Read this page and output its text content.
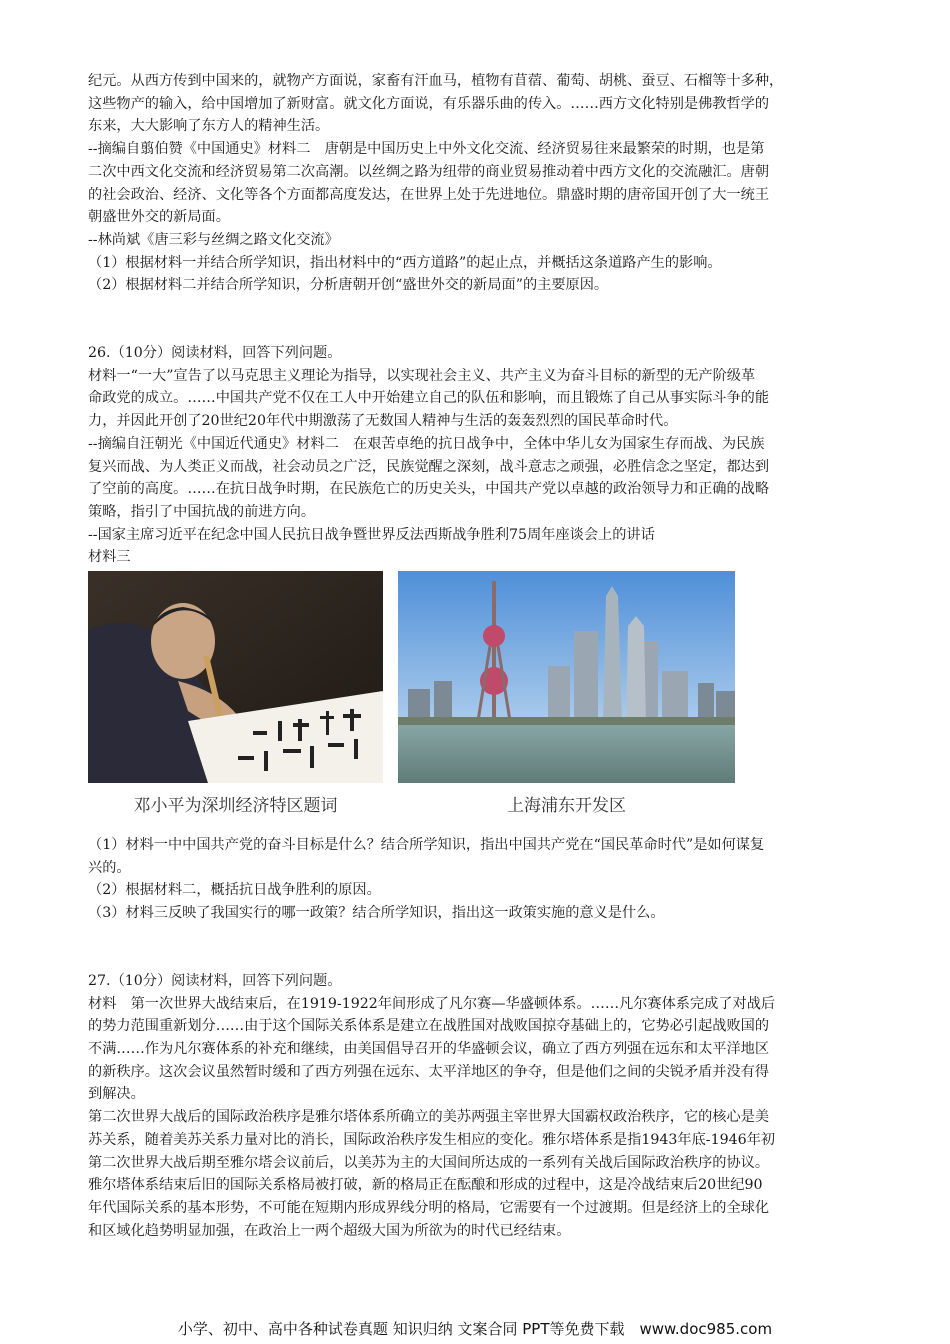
纪元。从西方传到中国来的，就物产方面说，家畜有汗血马，植物有苜蓿、葡萄、胡桃、蚕豆、石榴等十多种，

这些物产的输入，给中国增加了新财富。就文化方面说，有乐器乐曲的传入。……西方文化特别是佛教哲学的

东来，大大影响了东方人的精神生活。

--摘编自翦伯赞《中国通史》材料二　唐朝是中国历史上中外文化交流、经济贸易往来最繁荣的时期，也是第

二次中西文化交流和经济贸易第二次高潮。以丝绸之路为纽带的商业贸易推动着中西方文化的交流融汇。唐朝

的社会政治、经济、文化等各个方面都高度发达，在世界上处于先进地位。鼎盛时期的唐帝国开创了大一统王

朝盛世外交的新局面。

--林尚斌《唐三彩与丝绸之路文化交流》

（1）根据材料一并结合所学知识，指出材料中的“西方道路”的起止点，并概括这条道路产生的影响。

（2）根据材料二并结合所学知识，分析唐朝开创“盛世外交的新局面”的主要原因。

26.（10分）阅读材料，回答下列问题。

材料一“一大”宣告了以马克思主义理论为指导，以实现社会主义、共产主义为奋斗目标的新型的无产阶级革

命政党的成立。……中国共产党不仅在工人中开始建立自己的队伍和影响，而且锻炼了自己从事实际斗争的能

力，并因此开创了20世纪20年代中期激荡了无数国人精神与生活的轰轰烈烈的国民革命时代。

--摘编自汪朝光《中国近代通史》材料二　在艰苦卓绝的抗日战争中，全体中华儿女为国家生存而战、为民族

复兴而战、为人类正义而战，社会动员之广泛，民族觉醒之深刻，战斗意志之顽强，必胜信念之坚定，都达到

了空前的高度。……在抗日战争时期，在民族危亡的历史关头，中国共产党以卓越的政治领导力和正确的战略

策略，指引了中国抗战的前进方向。

--国家主席习近平在纪念中国人民抗日战争暨世界反法西斯战争胜利75周年座谈会上的讲话

材料三

邓小平为深圳经济特区题词	上海浦东开发区

（1）材料一中中国共产党的奋斗目标是什么？结合所学知识，指出中国共产党在“国民革命时代”是如何谋复

兴的。

（2）根据材料二，概括抗日战争胜利的原因。

（3）材料三反映了我国实行的哪一政策？结合所学知识，指出这一政策实施的意义是什么。

27.（10分）阅读材料，回答下列问题。

材料　第一次世界大战结束后，在1919-1922年间形成了凡尔赛—华盛顿体系。……凡尔赛体系完成了对战后

的势力范围重新划分……由于这个国际关系体系是建立在战胜国对战败国掠夺基础上的，它势必引起战败国的

不满……作为凡尔赛体系的补充和继续，由美国倡导召开的华盛顿会议，确立了西方列强在远东和太平洋地区

的新秩序。这次会议虽然暂时缓和了西方列强在远东、太平洋地区的争夺，但是他们之间的尖锐矛盾并没有得

到解决。

第二次世界大战后的国际政治秩序是雅尔塔体系所确立的美苏两强主宰世界大国霸权政治秩序，它的核心是美

苏关系，随着美苏关系力量对比的消长，国际政治秩序发生相应的变化。雅尔塔体系是指1943年底-1946年初

第二次世界大战后期至雅尔塔会议前后，以美苏为主的大国间所达成的一系列有关战后国际政治秩序的协议。

雅尔塔体系结束后旧的国际关系格局被打破，新的格局正在酝酿和形成的过程中，这是冷战结束后20世纪90

年代国际关系的基本形势，不可能在短期内形成界线分明的格局，它需要有一个过渡期。但是经济上的全球化

和区域化趋势明显加强，在政治上一两个超级大国为所欲为的时代已经结束。

小学、初中、高中各种试卷真题 知识归纳 文案合同 PPT等免费下载　www.doc985.com
